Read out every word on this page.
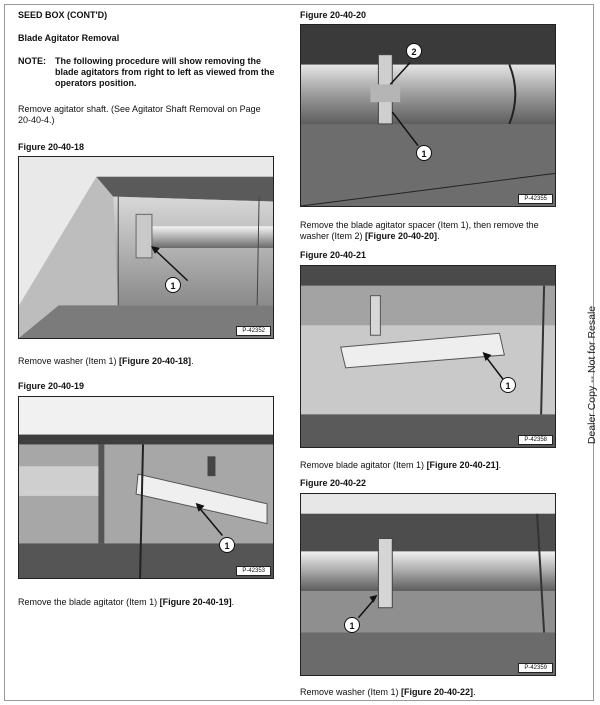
SEED BOX (CONT'D)

Blade Agitator Removal

NOTE: The following procedure will show removing the blade agitators from right to left as viewed from the operators position.

Remove agitator shaft. (See Agitator Shaft Removal on Page 20-40-4.)

Figure 20-40-18

1
P-42352

Remove washer (Item 1) [Figure 20-40-18].

Figure 20-40-19

1
P-42353

Remove the blade agitator (Item 1) [Figure 20-40-19].

Figure 20-40-20

2
1
P-42355

Remove the blade agitator spacer (Item 1), then remove the washer (Item 2) [Figure 20-40-20].

Figure 20-40-21

1
P-42358

Remove blade agitator (Item 1) [Figure 20-40-21].

Figure 20-40-22

1
P-42359

Remove washer (Item 1) [Figure 20-40-22].

Dealer Copy -- Not for Resale
